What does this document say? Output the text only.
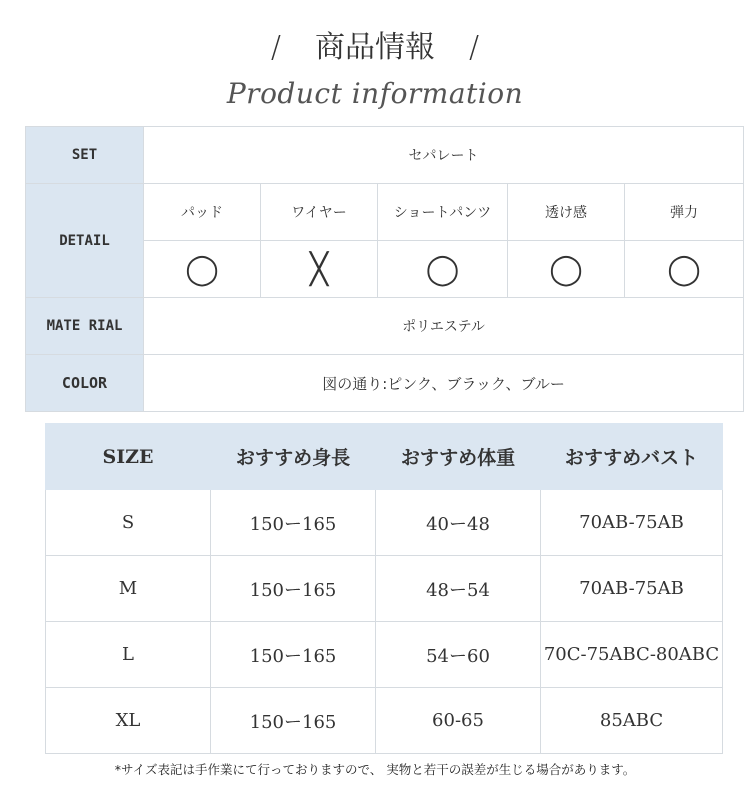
/ 商品情報 /
Product information
SET	セパレート				
DETAIL	パッド	ワイヤー	ショートパンツ	透け感	弾力
	◯	╳	◯	◯	◯
MATE RIAL	ポリエステル				
COLOR	図の通り:ピンク、ブラック、ブルー				
SIZE	おすすめ身長	おすすめ体重	おすすめバスト
S	150ー165	40ー48	70AB-75AB
M	150ー165	48ー54	70AB-75AB
L	150ー165	54ー60	70C-75ABC-80ABC
XL	150ー165	60-65	85ABC
*サイズ表記は手作業にて行っておりますので、 実物と若干の誤差が生じる場合があります。
